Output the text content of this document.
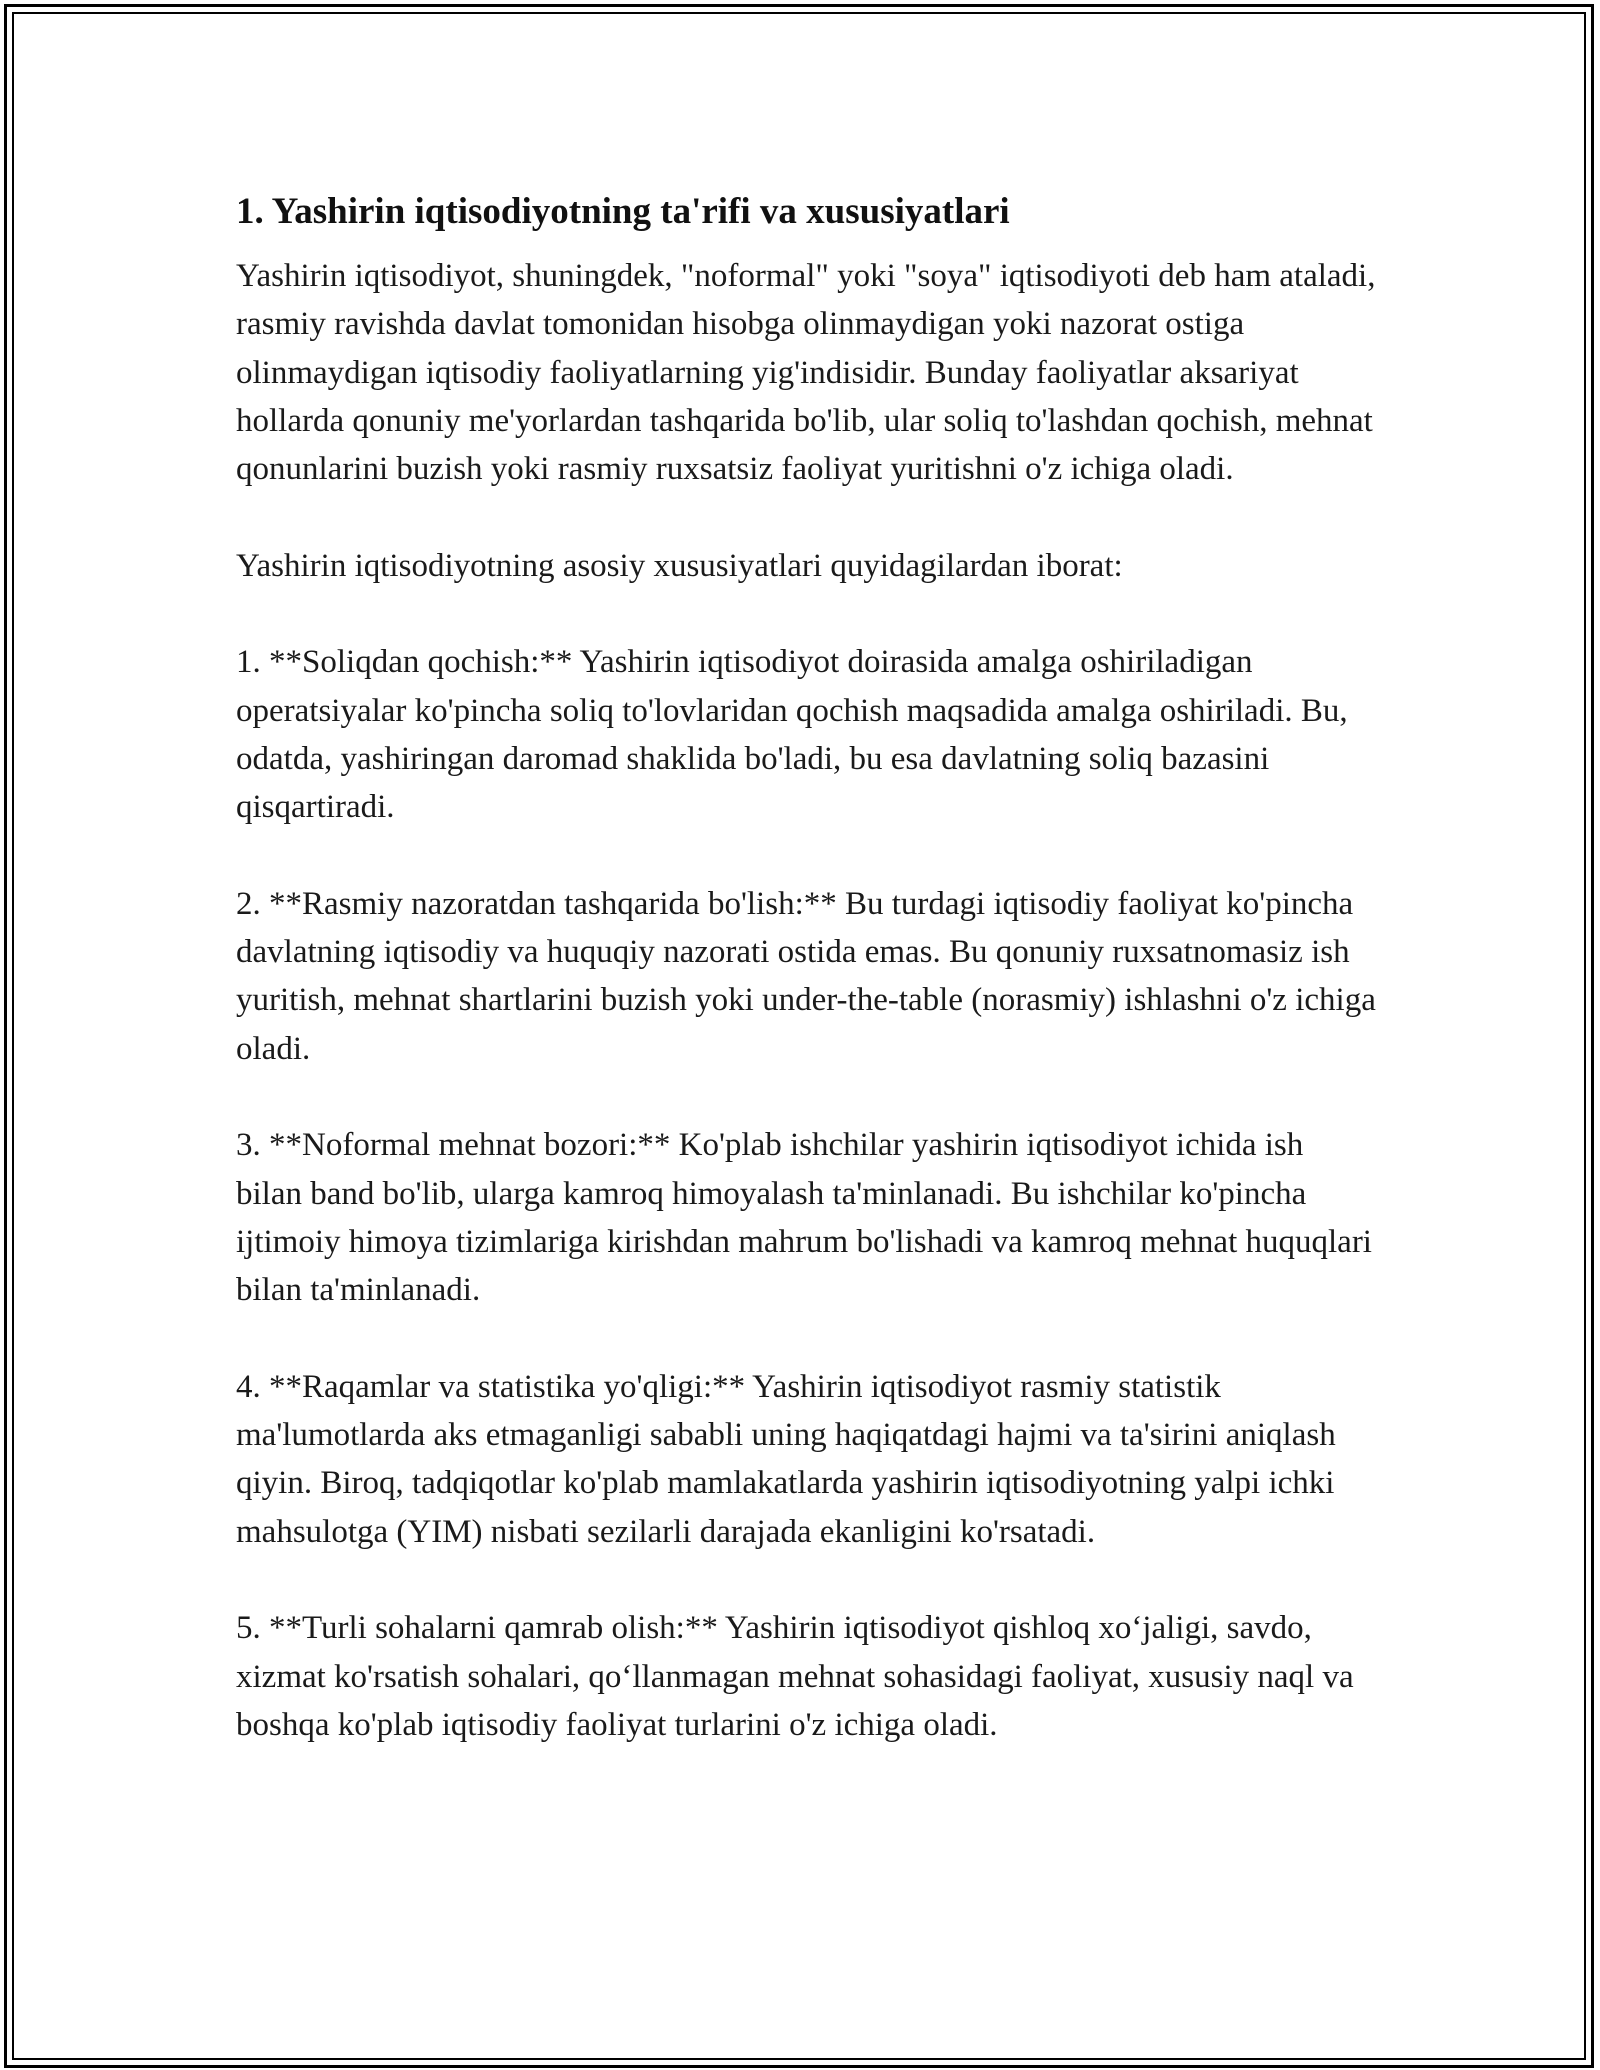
1. Yashirin iqtisodiyotning ta'rifi va xususiyatlari

Yashirin iqtisodiyot, shuningdek, "noformal" yoki "soya" iqtisodiyoti deb ham ataladi, rasmiy ravishda davlat tomonidan hisobga olinmaydigan yoki nazorat ostiga olinmaydigan iqtisodiy faoliyatlarning yig'indisidir. Bunday faoliyatlar aksariyat hollarda qonuniy me'yorlardan tashqarida bo'lib, ular soliq to'lashdan qochish, mehnat qonunlarini buzish yoki rasmiy ruxsatsiz faoliyat yuritishni o'z ichiga oladi.

Yashirin iqtisodiyotning asosiy xususiyatlari quyidagilardan iborat:

1. **Soliqdan qochish:** Yashirin iqtisodiyot doirasida amalga oshiriladigan operatsiyalar ko'pincha soliq to'lovlaridan qochish maqsadida amalga oshiriladi. Bu, odatda, yashiringan daromad shaklida bo'ladi, bu esa davlatning soliq bazasini qisqartiradi.

2. **Rasmiy nazoratdan tashqarida bo'lish:** Bu turdagi iqtisodiy faoliyat ko'pincha davlatning iqtisodiy va huquqiy nazorati ostida emas. Bu qonuniy ruxsatnomasiz ish yuritish, mehnat shartlarini buzish yoki under-the-table (norasmiy) ishlashni o'z ichiga oladi.

3. **Noformal mehnat bozori:** Ko'plab ishchilar yashirin iqtisodiyot ichida ish bilan band bo'lib, ularga kamroq himoyalash ta'minlanadi. Bu ishchilar ko'pincha ijtimoiy himoya tizimlariga kirishdan mahrum bo'lishadi va kamroq mehnat huquqlari bilan ta'minlanadi.

4. **Raqamlar va statistika yo'qligi:** Yashirin iqtisodiyot rasmiy statistik ma'lumotlarda aks etmaganligi sababli uning haqiqatdagi hajmi va ta'sirini aniqlash qiyin. Biroq, tadqiqotlar ko'plab mamlakatlarda yashirin iqtisodiyotning yalpi ichki mahsulotga (YIM) nisbati sezilarli darajada ekanligini ko'rsatadi.

5. **Turli sohalarni qamrab olish:** Yashirin iqtisodiyot qishloq xo‘jaligi, savdo, xizmat ko'rsatish sohalari, qo‘llanmagan mehnat sohasidagi faoliyat, xususiy naql va boshqa ko'plab iqtisodiy faoliyat turlarini o'z ichiga oladi.
